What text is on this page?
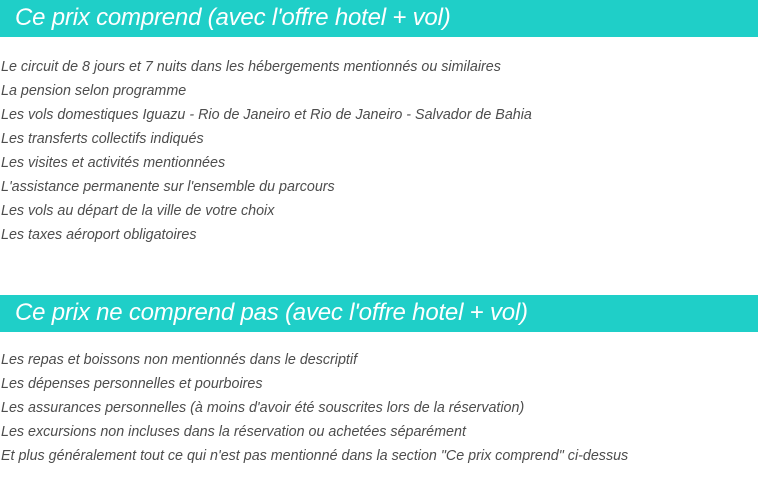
Ce prix comprend (avec l'offre hotel + vol)
Le circuit de 8 jours et 7 nuits dans les hébergements mentionnés ou similaires
La pension selon programme
Les vols domestiques Iguazu - Rio de Janeiro et Rio de Janeiro - Salvador de Bahia
Les transferts collectifs indiqués
Les visites et activités mentionnées
L'assistance permanente sur l'ensemble du parcours
Les vols au départ de la ville de votre choix
Les taxes aéroport obligatoires
Ce prix ne comprend pas (avec l'offre hotel + vol)
Les repas et boissons non mentionnés dans le descriptif
Les dépenses personnelles et pourboires
Les assurances personnelles (à moins d'avoir été souscrites lors de la réservation)
Les excursions non incluses dans la réservation ou achetées séparément
Et plus généralement tout ce qui n'est pas mentionné dans la section "Ce prix comprend" ci-dessus
